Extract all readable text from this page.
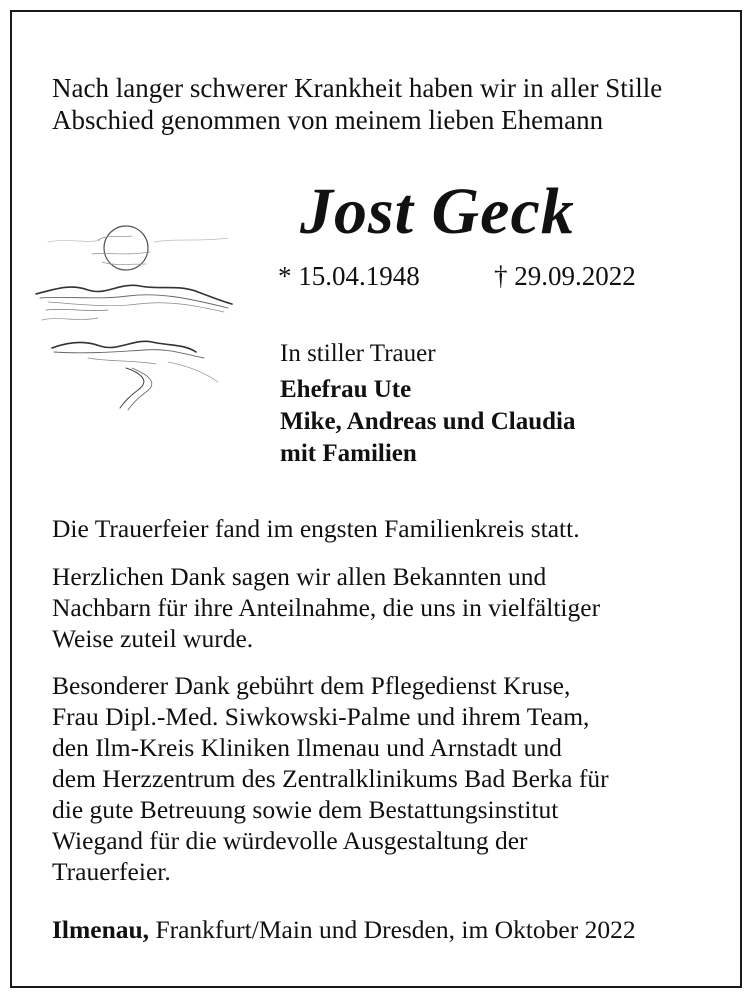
Nach langer schwerer Krankheit haben wir in aller Stille
Abschied genommen von meinem lieben Ehemann
Jost Geck
* 15.04.1948	† 29.09.2022
In stiller Trauer
Ehefrau Ute
Mike, Andreas und Claudia
mit Familien
Die Trauerfeier fand im engsten Familienkreis statt.
Herzlichen Dank sagen wir allen Bekannten und
Nachbarn für ihre Anteilnahme, die uns in vielfältiger
Weise zuteil wurde.
Besonderer Dank gebührt dem Pflegedienst Kruse,
Frau Dipl.-Med. Siwkowski-Palme und ihrem Team,
den Ilm-Kreis Kliniken Ilmenau und Arnstadt und
dem Herzzentrum des Zentralklinikums Bad Berka für
die gute Betreuung sowie dem Bestattungsinstitut
Wiegand für die würdevolle Ausgestaltung der
Trauerfeier.
Ilmenau, Frankfurt/Main und Dresden, im Oktober 2022
